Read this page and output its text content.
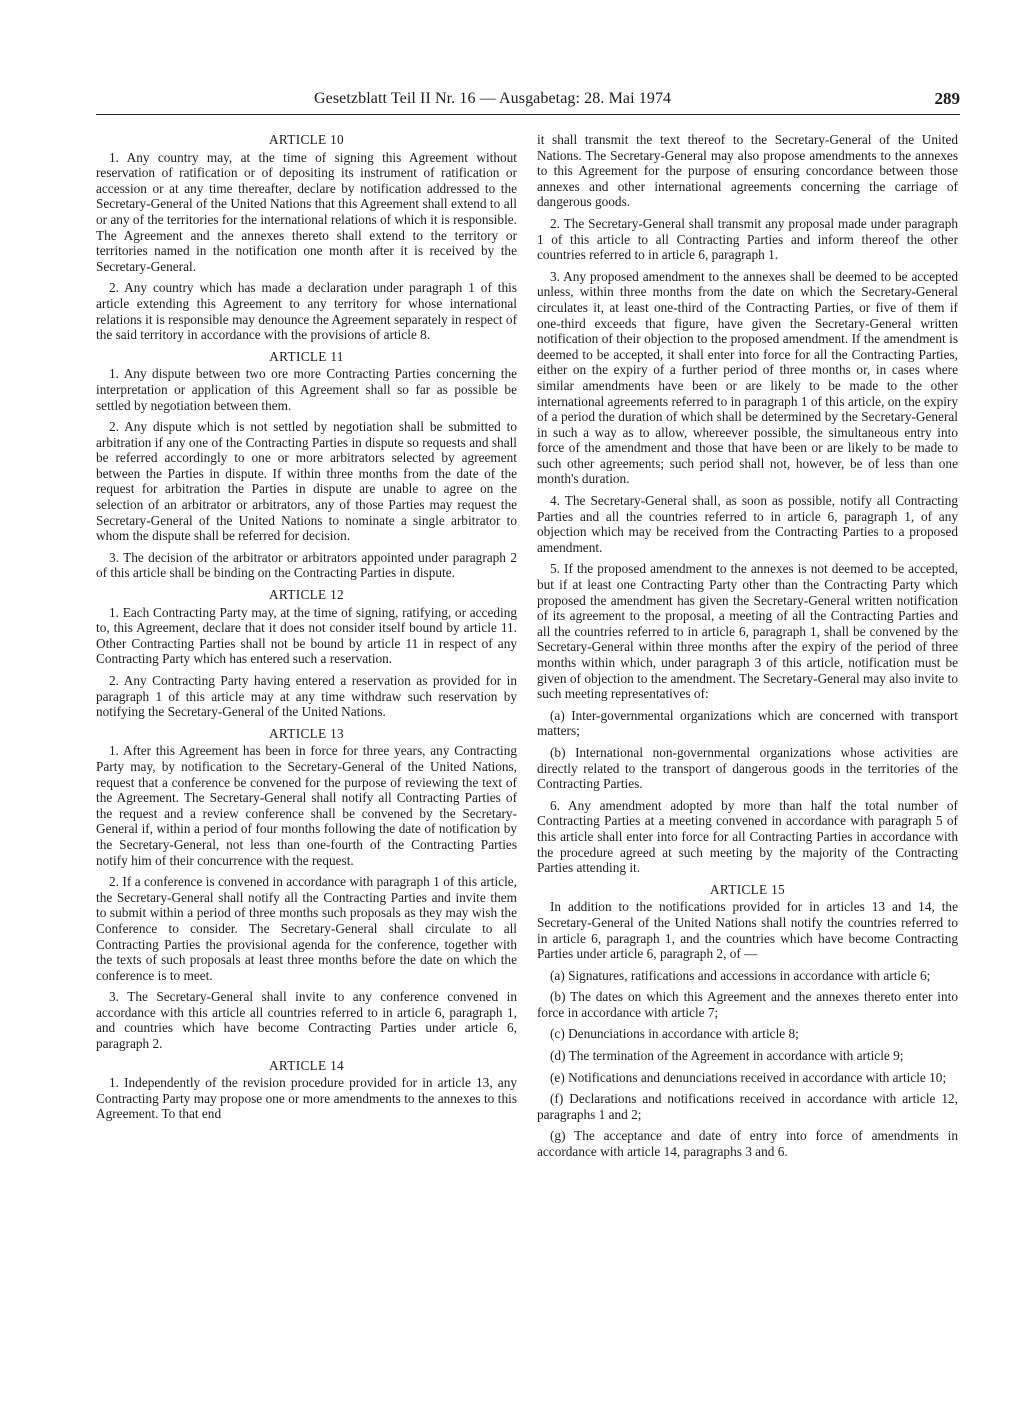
Gesetzblatt Teil II Nr. 16 — Ausgabetag: 28. Mai 1974	289
ARTICLE 10

1. Any country may, at the time of signing this Agreement without reservation of ratification or of depositing its instrument of ratification or accession or at any time thereafter, declare by notification addressed to the Secretary-General of the United Nations that this Agreement shall extend to all or any of the territories for the international relations of which it is responsible. The Agreement and the annexes thereto shall extend to the territory or territories named in the notification one month after it is received by the Secretary-General.

2. Any country which has made a declaration under paragraph 1 of this article extending this Agreement to any territory for whose international relations it is responsible may denounce the Agreement separately in respect of the said territory in accordance with the provisions of article 8.

ARTICLE 11

1. Any dispute between two ore more Contracting Parties concerning the interpretation or application of this Agreement shall so far as possible be settled by negotiation between them.

2. Any dispute which is not settled by negotiation shall be submitted to arbitration if any one of the Contracting Parties in dispute so requests and shall be referred accordingly to one or more arbitrators selected by agreement between the Parties in dispute. If within three months from the date of the request for arbitration the Parties in dispute are unable to agree on the selection of an arbitrator or arbitrators, any of those Parties may request the Secretary-General of the United Nations to nominate a single arbitrator to whom the dispute shall be referred for decision.

3. The decision of the arbitrator or arbitrators appointed under paragraph 2 of this article shall be binding on the Contracting Parties in dispute.

ARTICLE 12

1. Each Contracting Party may, at the time of signing, ratifying, or acceding to, this Agreement, declare that it does not consider itself bound by article 11. Other Contracting Parties shall not be bound by article 11 in respect of any Contracting Party which has entered such a reservation.

2. Any Contracting Party having entered a reservation as provided for in paragraph 1 of this article may at any time withdraw such reservation by notifying the Secretary-General of the United Nations.

ARTICLE 13

1. After this Agreement has been in force for three years, any Contracting Party may, by notification to the Secretary-General of the United Nations, request that a conference be convened for the purpose of reviewing the text of the Agreement. The Secretary-General shall notify all Contracting Parties of the request and a review conference shall be convened by the Secretary-General if, within a period of four months following the date of notification by the Secretary-General, not less than one-fourth of the Contracting Parties notify him of their concurrence with the request.

2. If a conference is convened in accordance with paragraph 1 of this article, the Secretary-General shall notify all the Contracting Parties and invite them to submit within a period of three months such proposals as they may wish the Conference to consider. The Secretary-General shall circulate to all Contracting Parties the provisional agenda for the conference, together with the texts of such proposals at least three months before the date on which the conference is to meet.

3. The Secretary-General shall invite to any conference convened in accordance with this article all countries referred to in article 6, paragraph 1, and countries which have become Contracting Parties under article 6, paragraph 2.

ARTICLE 14

1. Independently of the revision procedure provided for in article 13, any Contracting Party may propose one or more amendments to the annexes to this Agreement. To that end

it shall transmit the text thereof to the Secretary-General of the United Nations. The Secretary-General may also propose amendments to the annexes to this Agreement for the purpose of ensuring concordance between those annexes and other international agreements concerning the carriage of dangerous goods.

2. The Secretary-General shall transmit any proposal made under paragraph 1 of this article to all Contracting Parties and inform thereof the other countries referred to in article 6, paragraph 1.

3. Any proposed amendment to the annexes shall be deemed to be accepted unless, within three months from the date on which the Secretary-General circulates it, at least one-third of the Contracting Parties, or five of them if one-third exceeds that figure, have given the Secretary-General written notification of their objection to the proposed amendment. If the amendment is deemed to be accepted, it shall enter into force for all the Contracting Parties, either on the expiry of a further period of three months or, in cases where similar amendments have been or are likely to be made to the other international agreements referred to in paragraph 1 of this article, on the expiry of a period the duration of which shall be determined by the Secretary-General in such a way as to allow, whereever possible, the simultaneous entry into force of the amendment and those that have been or are likely to be made to such other agreements; such period shall not, however, be of less than one month's duration.

4. The Secretary-General shall, as soon as possible, notify all Contracting Parties and all the countries referred to in article 6, paragraph 1, of any objection which may be received from the Contracting Parties to a proposed amendment.

5. If the proposed amendment to the annexes is not deemed to be accepted, but if at least one Contracting Party other than the Contracting Party which proposed the amendment has given the Secretary-General written notification of its agreement to the proposal, a meeting of all the Contracting Parties and all the countries referred to in article 6, paragraph 1, shall be convened by the Secretary-General within three months after the expiry of the period of three months within which, under paragraph 3 of this article, notification must be given of objection to the amendment. The Secretary-General may also invite to such meeting representatives of:

(a) Inter-governmental organizations which are concerned with transport matters;

(b) International non-governmental organizations whose activities are directly related to the transport of dangerous goods in the territories of the Contracting Parties.

6. Any amendment adopted by more than half the total number of Contracting Parties at a meeting convened in accordance with paragraph 5 of this article shall enter into force for all Contracting Parties in accordance with the procedure agreed at such meeting by the majority of the Contracting Parties attending it.

ARTICLE 15

In addition to the notifications provided for in articles 13 and 14, the Secretary-General of the United Nations shall notify the countries referred to in article 6, paragraph 1, and the countries which have become Contracting Parties under article 6, paragraph 2, of —

(a) Signatures, ratifications and accessions in accordance with article 6;

(b) The dates on which this Agreement and the annexes thereto enter into force in accordance with article 7;

(c) Denunciations in accordance with article 8;

(d) The termination of the Agreement in accordance with article 9;

(e) Notifications and denunciations received in accordance with article 10;

(f) Declarations and notifications received in accordance with article 12, paragraphs 1 and 2;

(g) The acceptance and date of entry into force of amendments in accordance with article 14, paragraphs 3 and 6.
